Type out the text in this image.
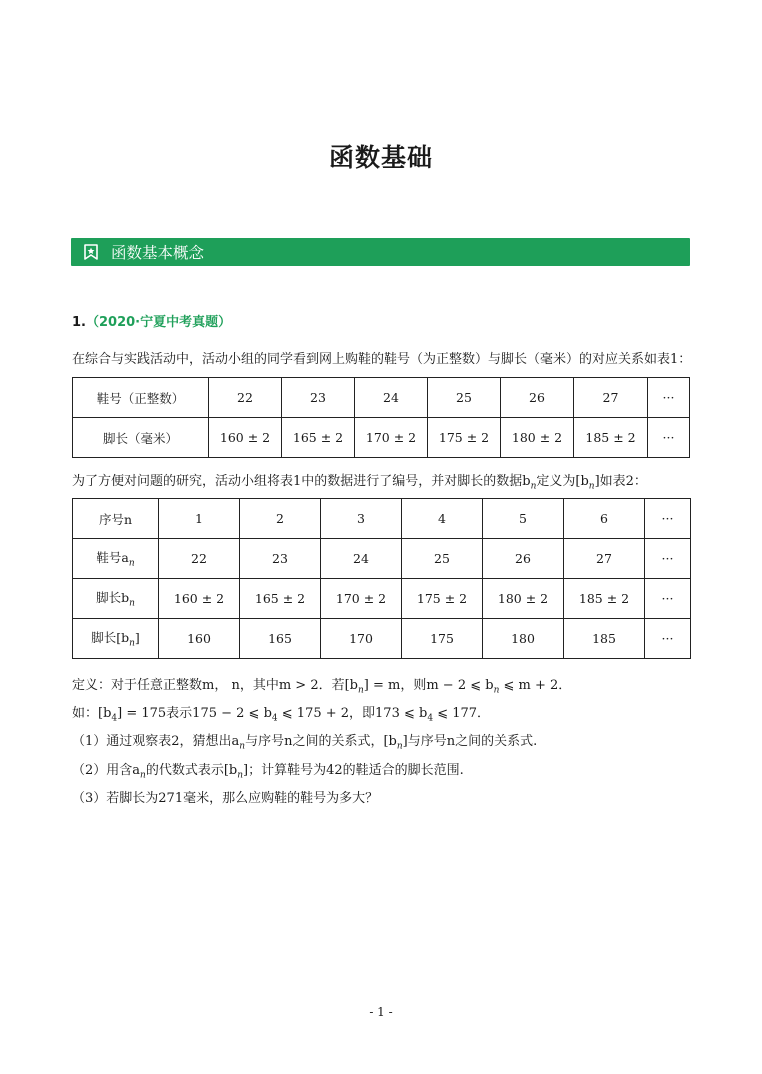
函数基础
函数基本概念
1.（2020·宁夏中考真题）
在综合与实践活动中，活动小组的同学看到网上购鞋的鞋号（为正整数）与脚长（毫米）的对应关系如表1：
鞋号（正整数）	22	23	24	25	26	27	···
脚长（毫米）	160 ± 2	165 ± 2	170 ± 2	175 ± 2	180 ± 2	185 ± 2	···
为了方便对问题的研究，活动小组将表1中的数据进行了编号，并对脚长的数据$b_n$定义为$[b_n]$如表2：
序号n	1	2	3	4	5	6	···
鞋号$a_n$	22	23	24	25	26	27	···
脚长$b_n$	160 ± 2	165 ± 2	170 ± 2	175 ± 2	180 ± 2	185 ± 2	···
脚长$[b_n]$	160	165	170	175	180	185	···
定义：对于任意正整数m， n，其中m > 2．若$[b_n] = m$，则m − 2 ⩽ $b_n$ ⩽ m + 2．
如：$[b_4] = 175$表示175 − 2 ⩽ $b_4$ ⩽ 175 + 2，即173 ⩽ $b_4$ ⩽ 177．
（1）通过观察表2，猜想出$a_n$与序号n之间的关系式，$[b_n]$与序号n之间的关系式.
（2）用含$a_n$的代数式表示$[b_n]$；计算鞋号为42的鞋适合的脚长范围.
（3）若脚长为271毫米，那么应购鞋的鞋号为多大？
- 1 -
